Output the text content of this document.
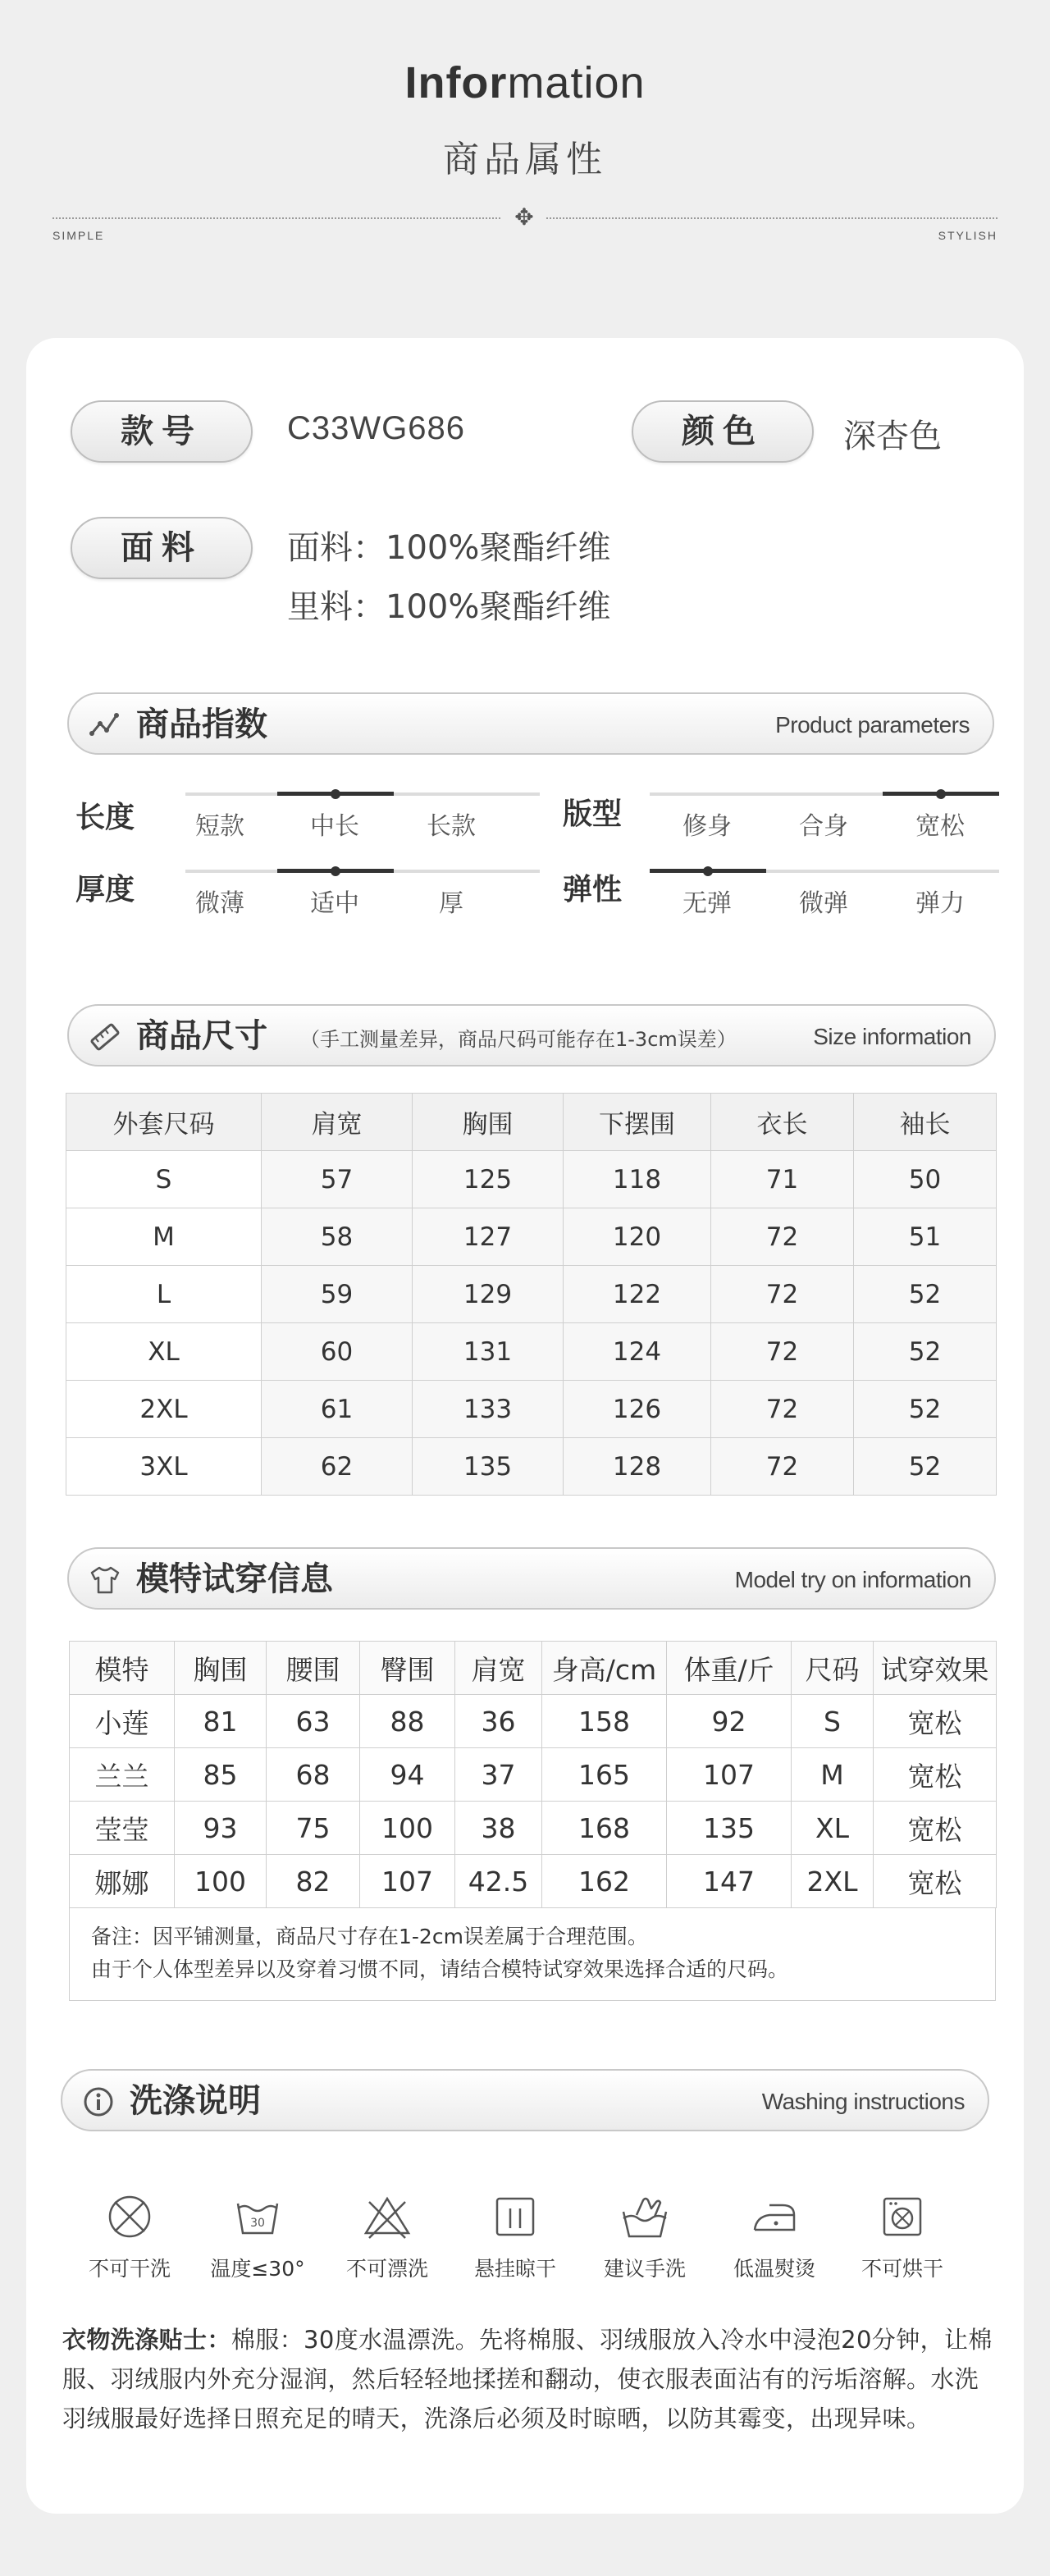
Information
商品属性
✥
SIMPLE	STYLISH
款号	C33WG686	颜色	深杏色
面料	面料：100%聚酯纤维
里料：100%聚酯纤维
商品指数	Product parameters
长度	短款	中长	长款	版型	修身	合身	宽松
厚度	微薄	适中	厚	弹性	无弹	微弹	弹力
商品尺寸 （手工测量差异，商品尺码可能存在1-3cm误差）	Size information
外套尺码	肩宽	胸围	下摆围	衣长	袖长
S	57	125	118	71	50
M	58	127	120	72	51
L	59	129	122	72	52
XL	60	131	124	72	52
2XL	61	133	126	72	52
3XL	62	135	128	72	52
模特试穿信息	Model try on information
模特	胸围	腰围	臀围	肩宽	身高/cm	体重/斤	尺码	试穿效果
小莲	81	63	88	36	158	92	S	宽松
兰兰	85	68	94	37	165	107	M	宽松
莹莹	93	75	100	38	168	135	XL	宽松
娜娜	100	82	107	42.5	162	147	2XL	宽松
备注：因平铺测量，商品尺寸存在1-2cm误差属于合理范围。
由于个人体型差异以及穿着习惯不同，请结合模特试穿效果选择合适的尺码。
洗涤说明	Washing instructions
不可干洗
30
温度≤30°	不可漂洗	悬挂晾干	建议手洗	低温熨烫	不可烘干
衣物洗涤贴士：棉服：30度水温漂洗。先将棉服、羽绒服放入冷水中浸泡20分钟，让棉服、羽绒服内外充分湿润，然后轻轻地揉搓和翻动，使衣服表面沾有的污垢溶解。水洗羽绒服最好选择日照充足的晴天，洗涤后必须及时晾晒，以防其霉变，出现异味。
